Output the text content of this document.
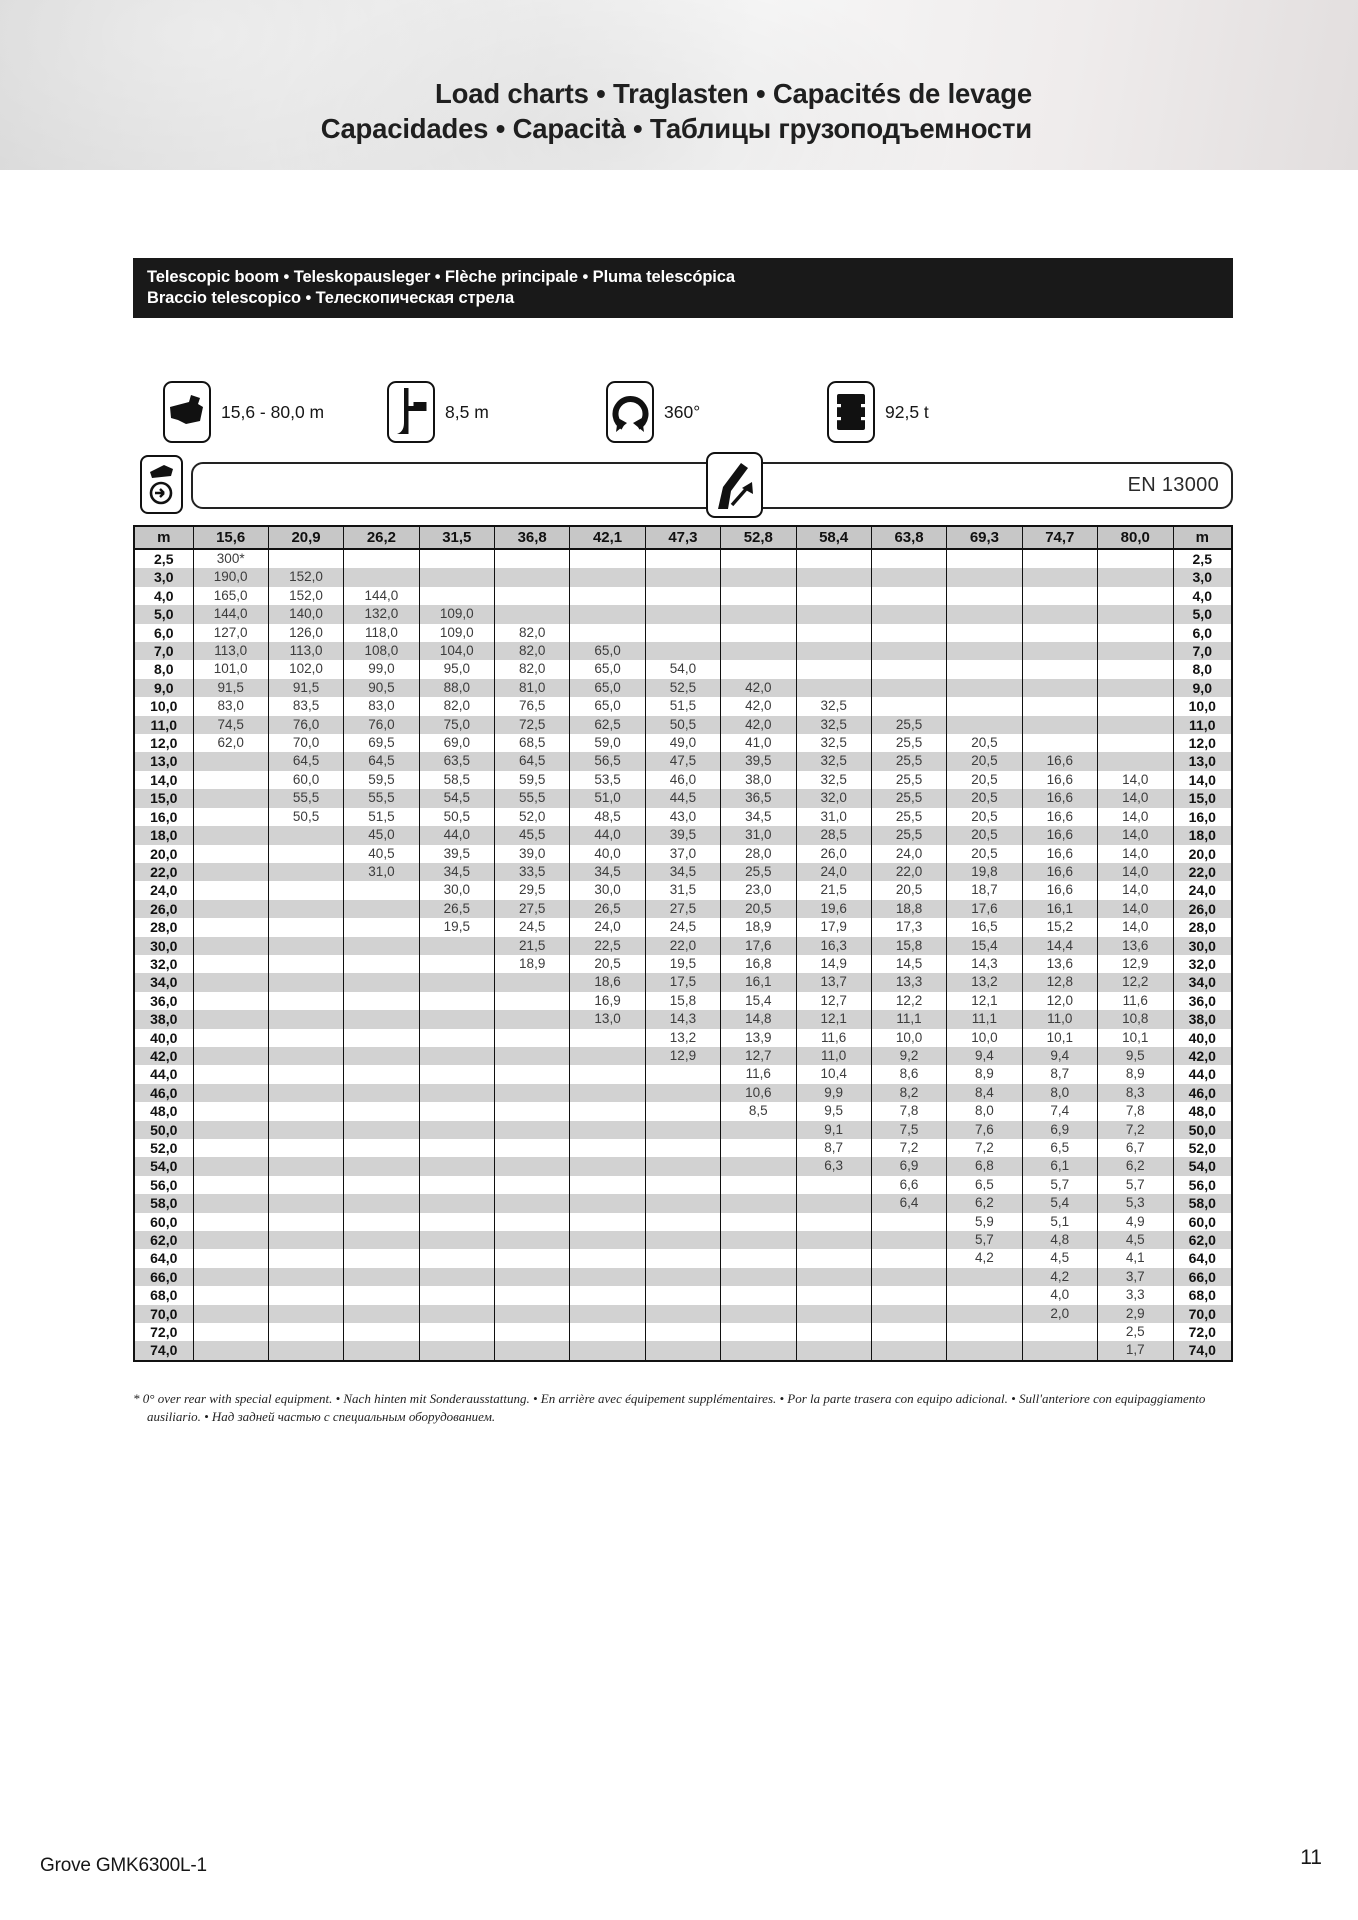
Load charts • Traglasten • Capacités de levage
Capacidades • Capacità • Таблицы грузоподъемности
Telescopic boom • Teleskopausleger • Flèche principale • Pluma telescópica
Braccio telescopico • Телескопическая стрела
15,6 - 80,0 m	8,5 m	360°	92,5 t
EN 13000
m	15,6	20,9	26,2	31,5	36,8	42,1	47,3	52,8	58,4	63,8	69,3	74,7	80,0	m
2,5	300*													2,5
3,0	190,0	152,0												3,0
4,0	165,0	152,0	144,0											4,0
5,0	144,0	140,0	132,0	109,0										5,0
6,0	127,0	126,0	118,0	109,0	82,0									6,0
7,0	113,0	113,0	108,0	104,0	82,0	65,0								7,0
8,0	101,0	102,0	99,0	95,0	82,0	65,0	54,0							8,0
9,0	91,5	91,5	90,5	88,0	81,0	65,0	52,5	42,0						9,0
10,0	83,0	83,5	83,0	82,0	76,5	65,0	51,5	42,0	32,5					10,0
11,0	74,5	76,0	76,0	75,0	72,5	62,5	50,5	42,0	32,5	25,5				11,0
12,0	62,0	70,0	69,5	69,0	68,5	59,0	49,0	41,0	32,5	25,5	20,5			12,0
13,0		64,5	64,5	63,5	64,5	56,5	47,5	39,5	32,5	25,5	20,5	16,6		13,0
14,0		60,0	59,5	58,5	59,5	53,5	46,0	38,0	32,5	25,5	20,5	16,6	14,0	14,0
15,0		55,5	55,5	54,5	55,5	51,0	44,5	36,5	32,0	25,5	20,5	16,6	14,0	15,0
16,0		50,5	51,5	50,5	52,0	48,5	43,0	34,5	31,0	25,5	20,5	16,6	14,0	16,0
18,0			45,0	44,0	45,5	44,0	39,5	31,0	28,5	25,5	20,5	16,6	14,0	18,0
20,0			40,5	39,5	39,0	40,0	37,0	28,0	26,0	24,0	20,5	16,6	14,0	20,0
22,0			31,0	34,5	33,5	34,5	34,5	25,5	24,0	22,0	19,8	16,6	14,0	22,0
24,0				30,0	29,5	30,0	31,5	23,0	21,5	20,5	18,7	16,6	14,0	24,0
26,0				26,5	27,5	26,5	27,5	20,5	19,6	18,8	17,6	16,1	14,0	26,0
28,0				19,5	24,5	24,0	24,5	18,9	17,9	17,3	16,5	15,2	14,0	28,0
30,0					21,5	22,5	22,0	17,6	16,3	15,8	15,4	14,4	13,6	30,0
32,0					18,9	20,5	19,5	16,8	14,9	14,5	14,3	13,6	12,9	32,0
34,0						18,6	17,5	16,1	13,7	13,3	13,2	12,8	12,2	34,0
36,0						16,9	15,8	15,4	12,7	12,2	12,1	12,0	11,6	36,0
38,0						13,0	14,3	14,8	12,1	11,1	11,1	11,0	10,8	38,0
40,0							13,2	13,9	11,6	10,0	10,0	10,1	10,1	40,0
42,0							12,9	12,7	11,0	9,2	9,4	9,4	9,5	42,0
44,0								11,6	10,4	8,6	8,9	8,7	8,9	44,0
46,0								10,6	9,9	8,2	8,4	8,0	8,3	46,0
48,0								8,5	9,5	7,8	8,0	7,4	7,8	48,0
50,0									9,1	7,5	7,6	6,9	7,2	50,0
52,0									8,7	7,2	7,2	6,5	6,7	52,0
54,0									6,3	6,9	6,8	6,1	6,2	54,0
56,0										6,6	6,5	5,7	5,7	56,0
58,0										6,4	6,2	5,4	5,3	58,0
60,0											5,9	5,1	4,9	60,0
62,0											5,7	4,8	4,5	62,0
64,0											4,2	4,5	4,1	64,0
66,0												4,2	3,7	66,0
68,0												4,0	3,3	68,0
70,0												2,0	2,9	70,0
72,0													2,5	72,0
74,0													1,7	74,0
* 0° over rear with special equipment. • Nach hinten mit Sonderausstattung. • En arrière avec équipement supplémentaires. • Por la parte trasera con equipo adicional. • Sull'anteriore con equipaggiamento
ausiliario. • Над задней частью с специальным оборудованием.
Grove GMK6300L-1	11
